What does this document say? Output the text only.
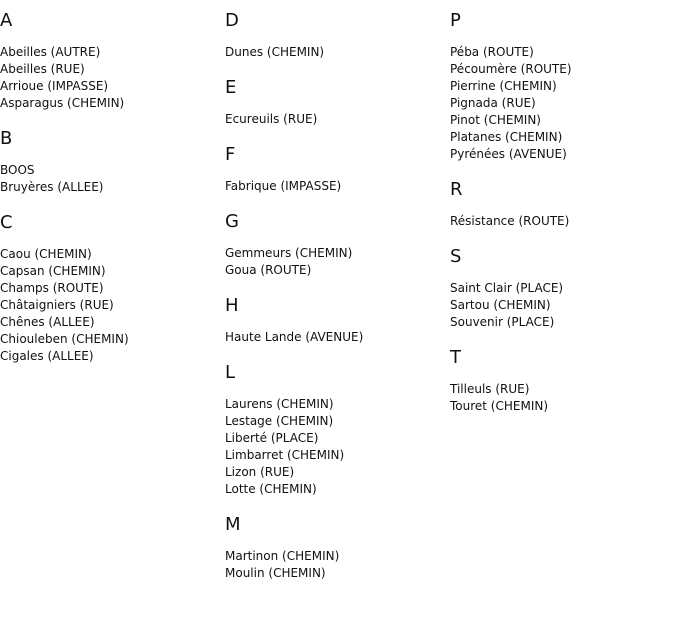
A
Abeilles (AUTRE)
Abeilles (RUE)
Arrioue (IMPASSE)
Asparagus (CHEMIN)
B
BOOS
Bruyères (ALLEE)
C
Caou (CHEMIN)
Capsan (CHEMIN)
Champs (ROUTE)
Châtaigniers (RUE)
Chênes (ALLEE)
Chiouleben (CHEMIN)
Cigales (ALLEE)
D
Dunes (CHEMIN)
E
Ecureuils (RUE)
F
Fabrique (IMPASSE)
G
Gemmeurs (CHEMIN)
Goua (ROUTE)
H
Haute Lande (AVENUE)
L
Laurens (CHEMIN)
Lestage (CHEMIN)
Liberté (PLACE)
Limbarret (CHEMIN)
Lizon (RUE)
Lotte (CHEMIN)
M
Martinon (CHEMIN)
Moulin (CHEMIN)
P
Péba (ROUTE)
Pécoumère (ROUTE)
Pierrine (CHEMIN)
Pignada (RUE)
Pinot (CHEMIN)
Platanes (CHEMIN)
Pyrénées (AVENUE)
R
Résistance (ROUTE)
S
Saint Clair (PLACE)
Sartou (CHEMIN)
Souvenir (PLACE)
T
Tilleuls (RUE)
Touret (CHEMIN)
